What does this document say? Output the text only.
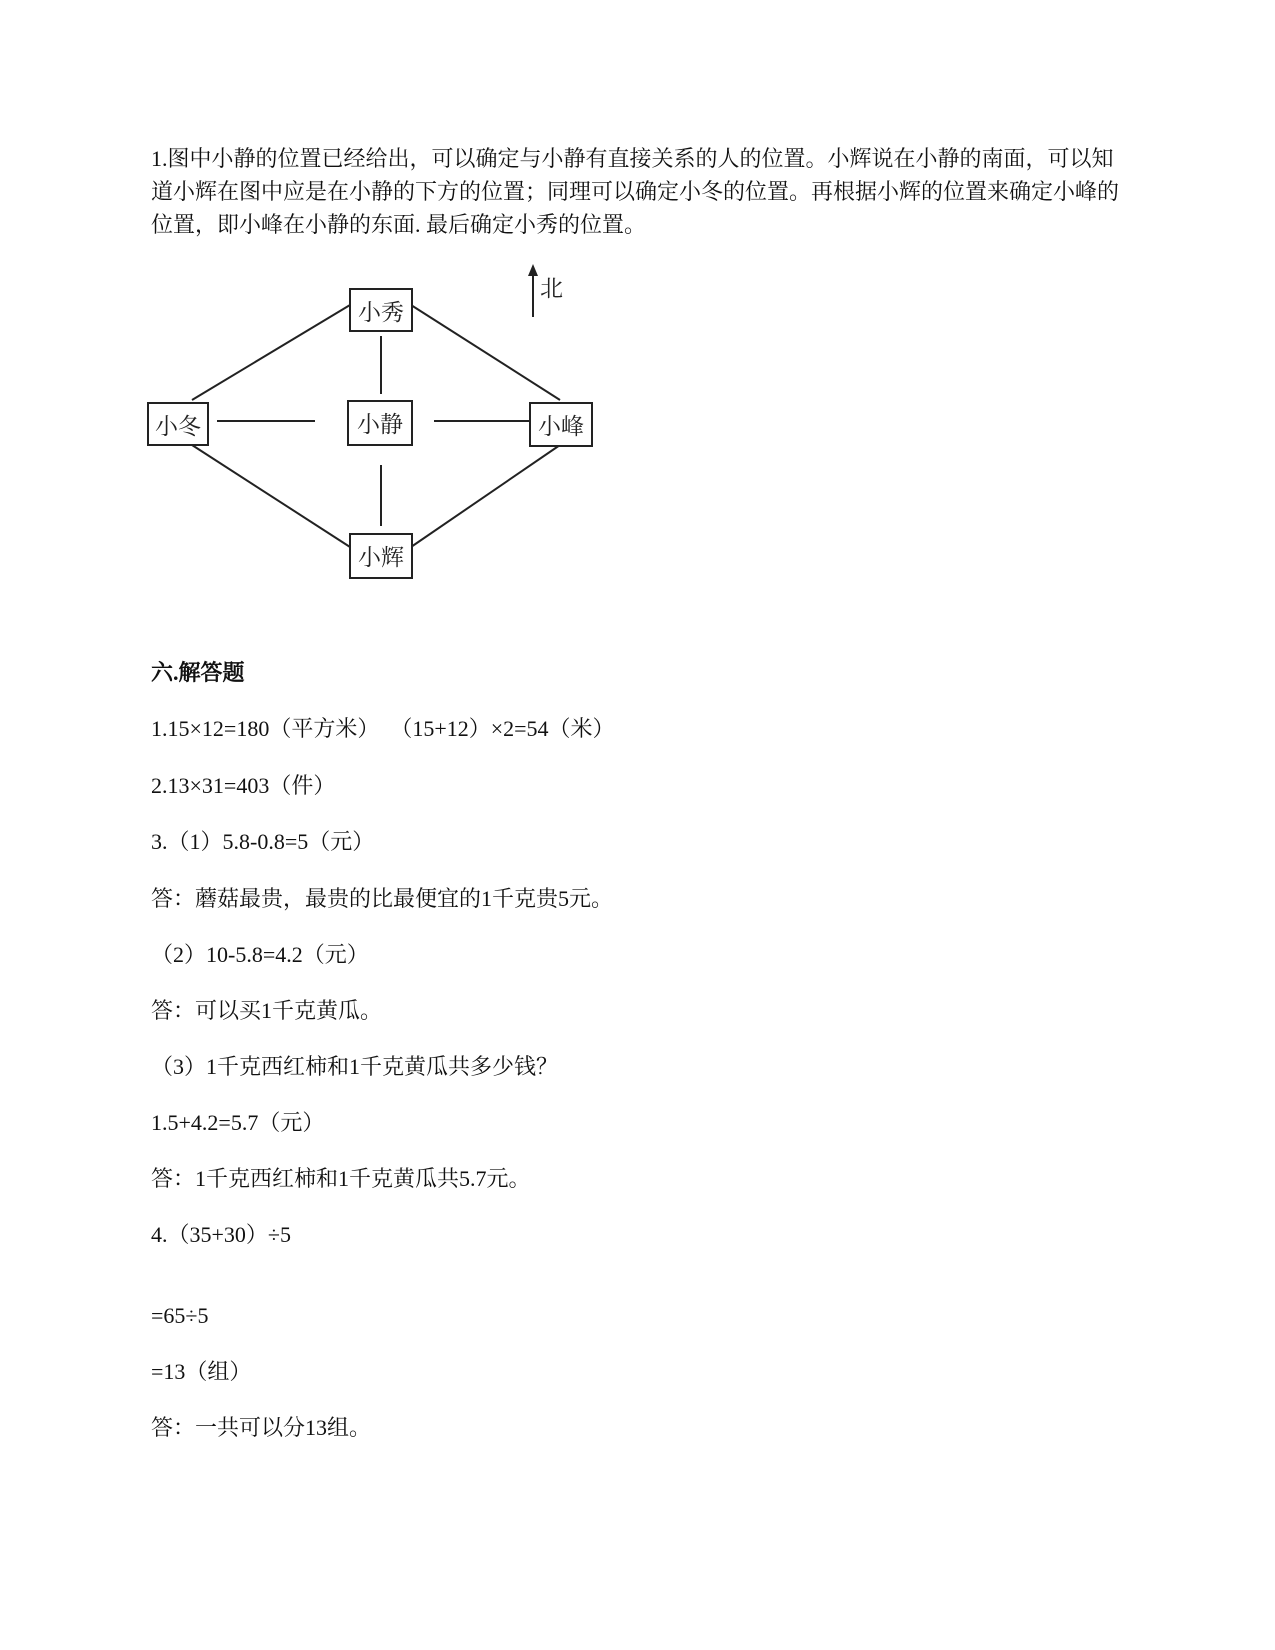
1.图中小静的位置已经给出，可以确定与小静有直接关系的人的位置。小辉说在小静的南面，可以知道小辉在图中应是在小静的下方的位置；同理可以确定小冬的位置。再根据小辉的位置来确定小峰的位置，即小峰在小静的东面. 最后确定小秀的位置。

北
小秀
小冬	小静	小峰
小辉

六.解答题

1.15×12=180（平方米）  （15+12）×2=54（米）

2.13×31=403（件）

3.（1）5.8-0.8=5（元）

答：蘑菇最贵，最贵的比最便宜的1千克贵5元。

（2）10-5.8=4.2（元）

答：可以买1千克黄瓜。

（3）1千克西红柿和1千克黄瓜共多少钱？

1.5+4.2=5.7（元）

答：1千克西红柿和1千克黄瓜共5.7元。

4.（35+30）÷5

=65÷5

=13（组）

答：一共可以分13组。
